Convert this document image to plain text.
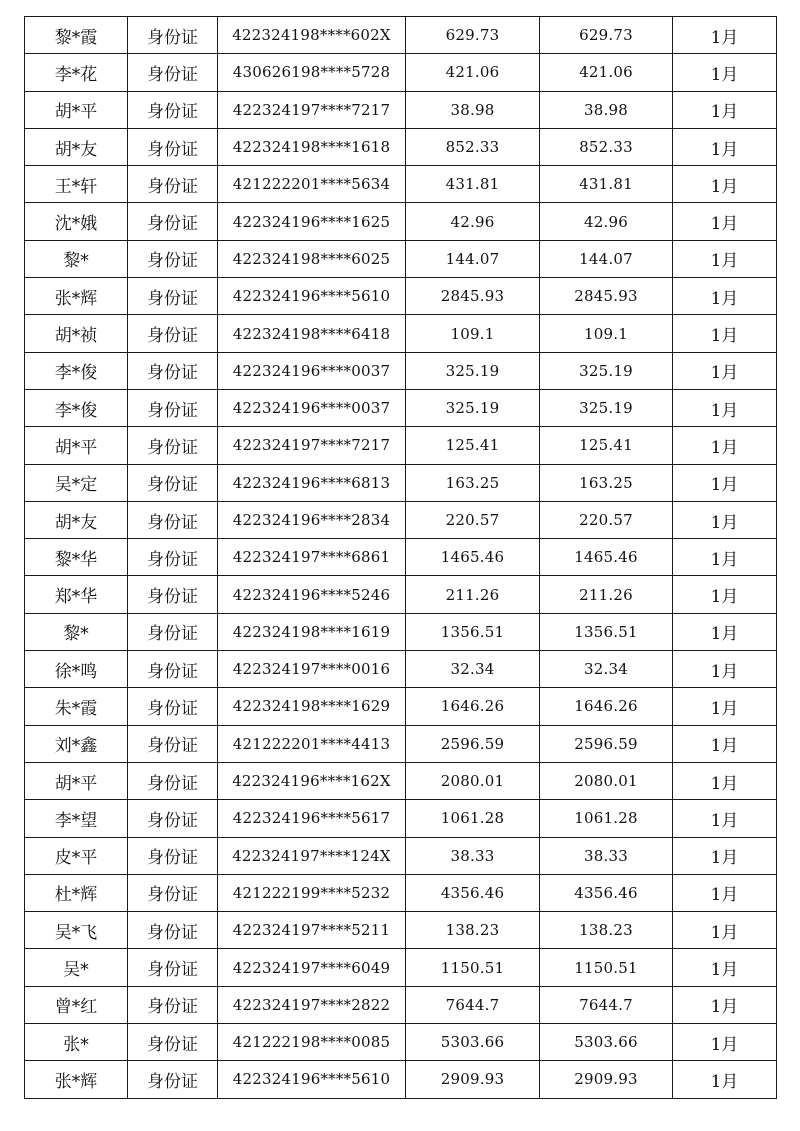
黎*霞	身份证	422324198****602X	629.73	629.73	1月
李*花	身份证	430626198****5728	421.06	421.06	1月
胡*平	身份证	422324197****7217	38.98	38.98	1月
胡*友	身份证	422324198****1618	852.33	852.33	1月
王*轩	身份证	421222201****5634	431.81	431.81	1月
沈*娥	身份证	422324196****1625	42.96	42.96	1月
黎*	身份证	422324198****6025	144.07	144.07	1月
张*辉	身份证	422324196****5610	2845.93	2845.93	1月
胡*祯	身份证	422324198****6418	109.1	109.1	1月
李*俊	身份证	422324196****0037	325.19	325.19	1月
李*俊	身份证	422324196****0037	325.19	325.19	1月
胡*平	身份证	422324197****7217	125.41	125.41	1月
吴*定	身份证	422324196****6813	163.25	163.25	1月
胡*友	身份证	422324196****2834	220.57	220.57	1月
黎*华	身份证	422324197****6861	1465.46	1465.46	1月
郑*华	身份证	422324196****5246	211.26	211.26	1月
黎*	身份证	422324198****1619	1356.51	1356.51	1月
徐*鸣	身份证	422324197****0016	32.34	32.34	1月
朱*霞	身份证	422324198****1629	1646.26	1646.26	1月
刘*鑫	身份证	421222201****4413	2596.59	2596.59	1月
胡*平	身份证	422324196****162X	2080.01	2080.01	1月
李*望	身份证	422324196****5617	1061.28	1061.28	1月
皮*平	身份证	422324197****124X	38.33	38.33	1月
杜*辉	身份证	421222199****5232	4356.46	4356.46	1月
吴*飞	身份证	422324197****5211	138.23	138.23	1月
吴*	身份证	422324197****6049	1150.51	1150.51	1月
曾*红	身份证	422324197****2822	7644.7	7644.7	1月
张*	身份证	421222198****0085	5303.66	5303.66	1月
张*辉	身份证	422324196****5610	2909.93	2909.93	1月
